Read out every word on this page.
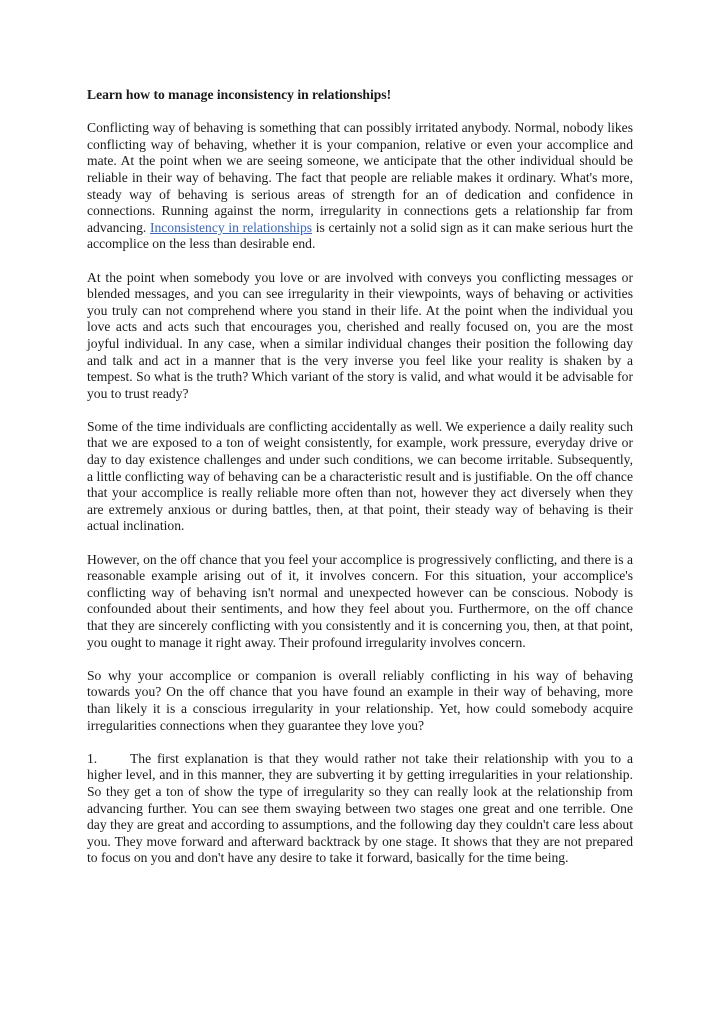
Learn how to manage inconsistency in relationships!

Conflicting way of behaving is something that can possibly irritated anybody. Normal, nobody likes conflicting way of behaving, whether it is your companion, relative or even your accomplice and mate. At the point when we are seeing someone, we anticipate that the other individual should be reliable in their way of behaving. The fact that people are reliable makes it ordinary. What's more, steady way of behaving is serious areas of strength for an of dedication and confidence in connections. Running against the norm, irregularity in connections gets a relationship far from advancing. Inconsistency in relationships is certainly not a solid sign as it can make serious hurt the accomplice on the less than desirable end.

At the point when somebody you love or are involved with conveys you conflicting messages or blended messages, and you can see irregularity in their viewpoints, ways of behaving or activities you truly can not comprehend where you stand in their life. At the point when the individual you love acts and acts such that encourages you, cherished and really focused on, you are the most joyful individual. In any case, when a similar individual changes their position the following day and talk and act in a manner that is the very inverse you feel like your reality is shaken by a tempest. So what is the truth? Which variant of the story is valid, and what would it be advisable for you to trust ready?

Some of the time individuals are conflicting accidentally as well. We experience a daily reality such that we are exposed to a ton of weight consistently, for example, work pressure, everyday drive or day to day existence challenges and under such conditions, we can become irritable. Subsequently, a little conflicting way of behaving can be a characteristic result and is justifiable. On the off chance that your accomplice is really reliable more often than not, however they act diversely when they are extremely anxious or during battles, then, at that point, their steady way of behaving is their actual inclination.

However, on the off chance that you feel your accomplice is progressively conflicting, and there is a reasonable example arising out of it, it involves concern. For this situation, your accomplice's conflicting way of behaving isn't normal and unexpected however can be conscious. Nobody is confounded about their sentiments, and how they feel about you. Furthermore, on the off chance that they are sincerely conflicting with you consistently and it is concerning you, then, at that point, you ought to manage it right away. Their profound irregularity involves concern.

So why your accomplice or companion is overall reliably conflicting in his way of behaving towards you? On the off chance that you have found an example in their way of behaving, more than likely it is a conscious irregularity in your relationship. Yet, how could somebody acquire irregularities connections when they guarantee they love you?

1. The first explanation is that they would rather not take their relationship with you to a higher level, and in this manner, they are subverting it by getting irregularities in your relationship. So they get a ton of show the type of irregularity so they can really look at the relationship from advancing further. You can see them swaying between two stages one great and one terrible. One day they are great and according to assumptions, and the following day they couldn't care less about you. They move forward and afterward backtrack by one stage. It shows that they are not prepared to focus on you and don't have any desire to take it forward, basically for the time being.
